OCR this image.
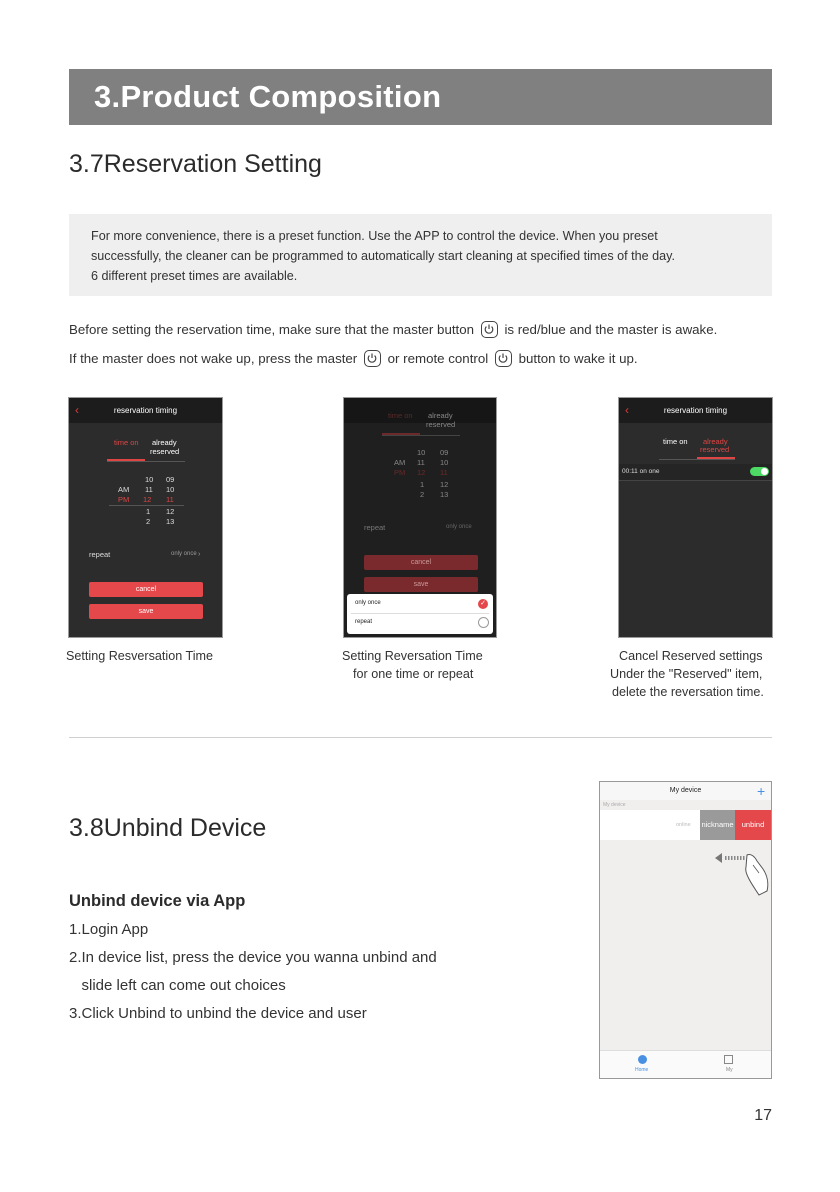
3.Product Composition
3.7Reservation Setting

For more convenience, there is a preset function. Use the APP to control the device. When you preset

successfully, the cleaner can be programmed to automatically start cleaning at specified times of the day.

6 different preset times are available.

Before setting the reservation time, make sure that the master button is red/blue and the master is awake.
If the master does not wake up, press the master or remote control button to wake it up.
‹	reservation timing
time on already
reserved
10 09
AM 11 10
PM 12 11
1 12
2 13
repeat	only once ›
cancel
save
time on already
reserved
10 09
AM 11 10
PM 12 11
1 12
2 13
repeat	only once
cancel
save
only once	✓
repeat
‹	reservation timing
time on already
reserved
00:11 on one
Setting Resversation Time	Setting Reversation Time
for one time or repeat
Cancel Reserved settings
Under the "Reserved" item,
delete the reversation time.
3.8Unbind Device
Unbind device via App
1.Login App
2.In device list, press the device you wanna unbind and
slide left can come out choices
3.Click Unbind to unbind the device and user
My device	+
My device
online nickname	unbind
Home	My
17
